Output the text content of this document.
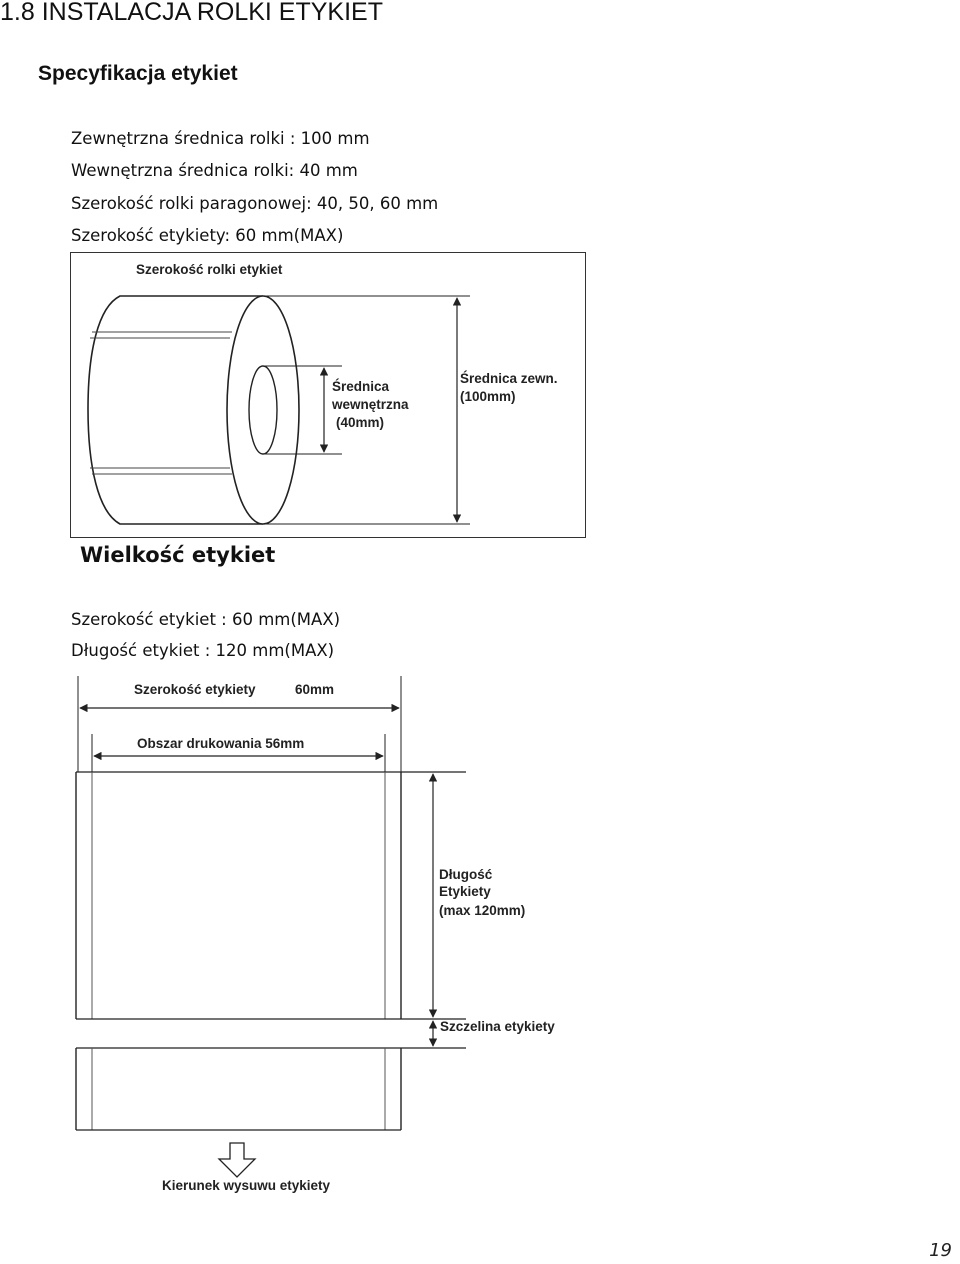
1.8 INSTALACJA ROLKI ETYKIET
Specyfikacja etykiet
Zewnętrzna średnica rolki : 100 mm
Wewnętrzna średnica rolki: 40 mm
Szerokość rolki paragonowej: 40, 50, 60 mm
Szerokość etykiety: 60 mm(MAX)
Szerokość rolki etykiet
Średnica
wewnętrzna
(40mm)
Średnica zewn.
(100mm)
Wielkość etykiet
Szerokość etykiet : 60 mm(MAX)
Długość etykiet : 120 mm(MAX)
Szerokość etykiety	60mm
Obszar drukowania 56mm
Długość
Etykiety
(max 120mm)
Szczelina etykiety
Kierunek wysuwu etykiety
19
